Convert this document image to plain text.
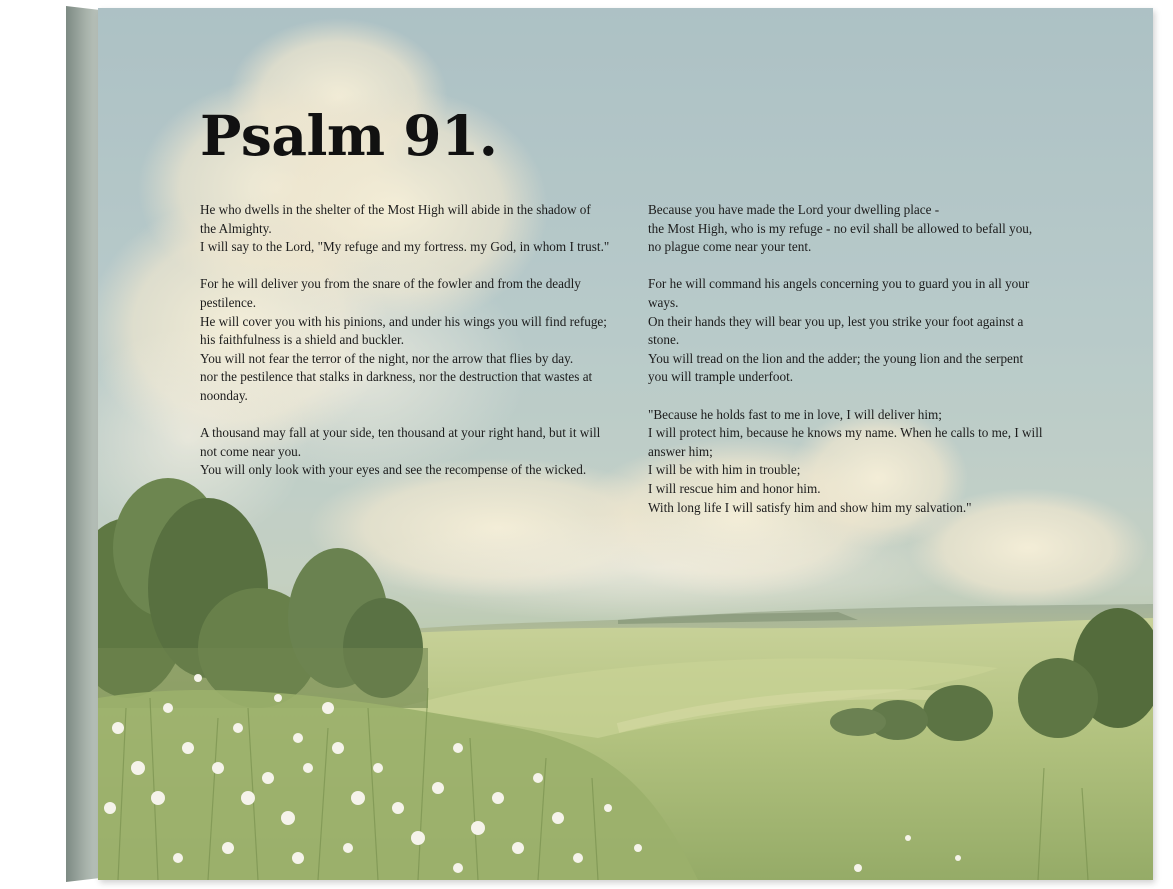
Psalm 91.

He who dwells in the shelter of the Most High will abide in the shadow of the Almighty.
I will say to the Lord, "My refuge and my fortress. my God, in whom I trust."

For he will deliver you from the snare of the fowler and from the deadly pestilence.
He will cover you with his pinions, and under his wings you will find refuge; his faithfulness is a shield and buckler.
You will not fear the terror of the night, nor the arrow that flies by day.
nor the pestilence that stalks in darkness, nor the destruction that wastes at noonday.

A thousand may fall at your side, ten thousand at your right hand, but it will not come near you.
You will only look with your eyes and see the recompense of the wicked.

Because you have made the Lord your dwelling place -
the Most High, who is my refuge - no evil shall be allowed to befall you, no plague come near your tent.

For he will command his angels concerning you to guard you in all your ways.
On their hands they will bear you up, lest you strike your foot against a stone.
You will tread on the lion and the adder; the young lion and the serpent you will trample underfoot.

"Because he holds fast to me in love, I will deliver him;
I will protect him, because he knows my name. When he calls to me, I will answer him;
I will be with him in trouble;
I will rescue him and honor him.
With long life I will satisfy him and show him my salvation."
